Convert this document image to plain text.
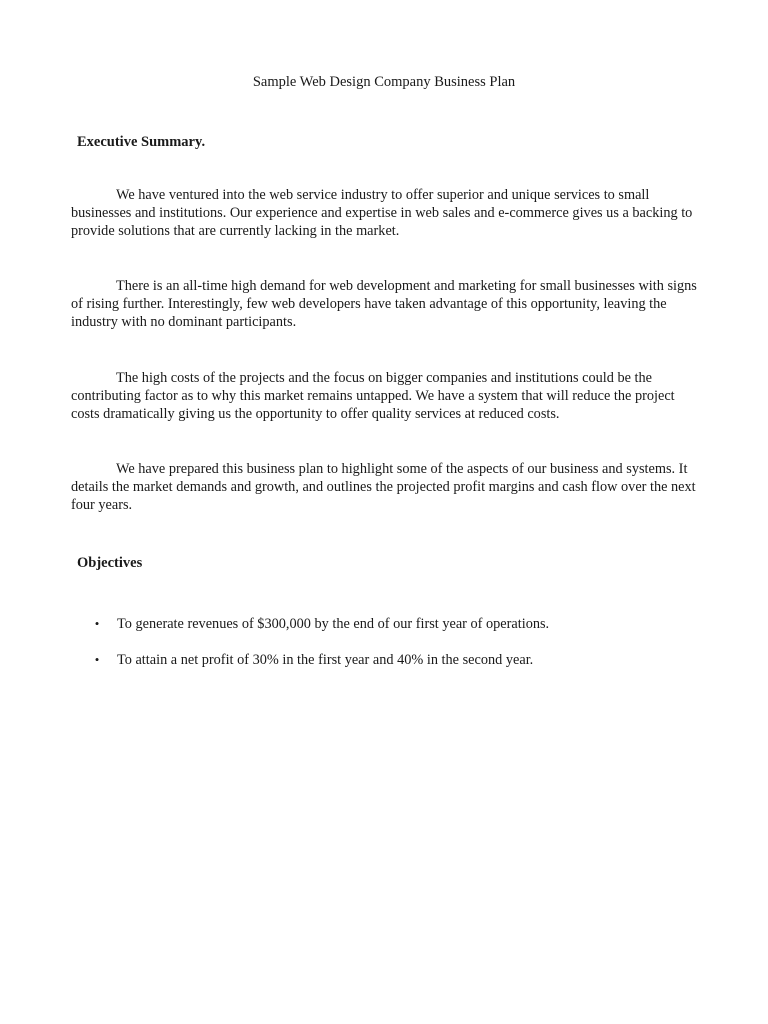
Sample Web Design Company Business Plan
Executive Summary.

We have ventured into the web service industry to offer superior and unique services to small businesses and institutions. Our experience and expertise in web sales and e-commerce gives us a backing to provide solutions that are currently lacking in the market.

There is an all-time high demand for web development and marketing for small businesses with signs of rising further. Interestingly, few web developers have taken advantage of this opportunity, leaving the industry with no dominant participants.

The high costs of the projects and the focus on bigger companies and institutions could be the contributing factor as to why this market remains untapped. We have a system that will reduce the project costs dramatically giving us the opportunity to offer quality services at reduced costs.

We have prepared this business plan to highlight some of the aspects of our business and systems. It details the market demands and growth, and outlines the projected profit margins and cash flow over the next four years.

Objectives
• To generate revenues of $300,000 by the end of our first year of operations.
• To attain a net profit of 30% in the first year and 40% in the second year.
